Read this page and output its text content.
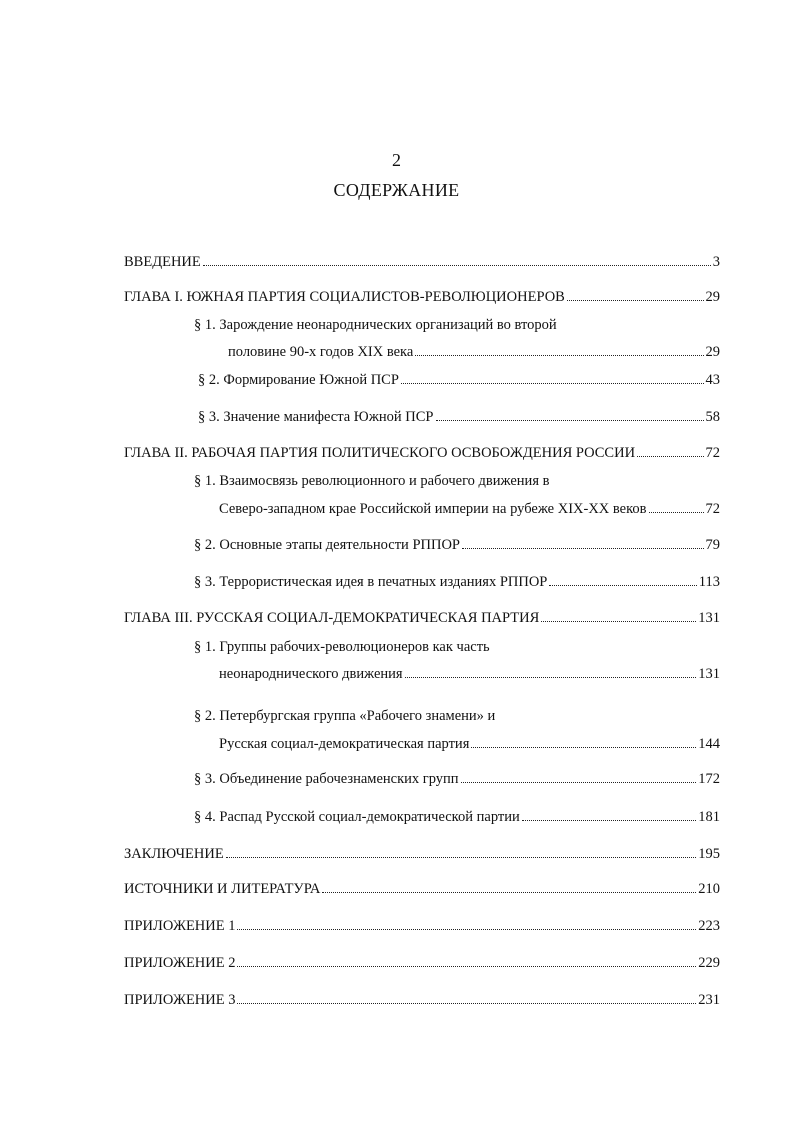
2
СОДЕРЖАНИЕ
ВВЕДЕНИЕ	3
ГЛАВА I. ЮЖНАЯ ПАРТИЯ СОЦИАЛИСТОВ-РЕВОЛЮЦИОНЕРОВ	29
§ 1. Зарождение неонароднических организаций во второй
половине 90-х годов XIX века	29
§ 2. Формирование Южной ПСР	43
§ 3. Значение манифеста Южной ПСР	58
ГЛАВА II. РАБОЧАЯ ПАРТИЯ ПОЛИТИЧЕСКОГО ОСВОБОЖДЕНИЯ РОССИИ	72
§ 1. Взаимосвязь революционного и рабочего движения в
Северо-западном крае Российской империи на рубеже XIX-XX веков	72
§ 2. Основные этапы деятельности РППОР	79
§ 3. Террористическая идея в печатных изданиях РППОР	113
ГЛАВА III. РУССКАЯ СОЦИАЛ-ДЕМОКРАТИЧЕСКАЯ ПАРТИЯ	131
§ 1. Группы рабочих-революционеров как часть
неонароднического движения	131
§ 2. Петербургская группа «Рабочего знамени» и
Русская социал-демократическая партия	144
§ 3. Объединение рабочезнаменских групп	172
§ 4. Распад Русской социал-демократической партии	181
ЗАКЛЮЧЕНИЕ	195
ИСТОЧНИКИ И ЛИТЕРАТУРА	210
ПРИЛОЖЕНИЕ 1	223
ПРИЛОЖЕНИЕ 2	229
ПРИЛОЖЕНИЕ 3	231
